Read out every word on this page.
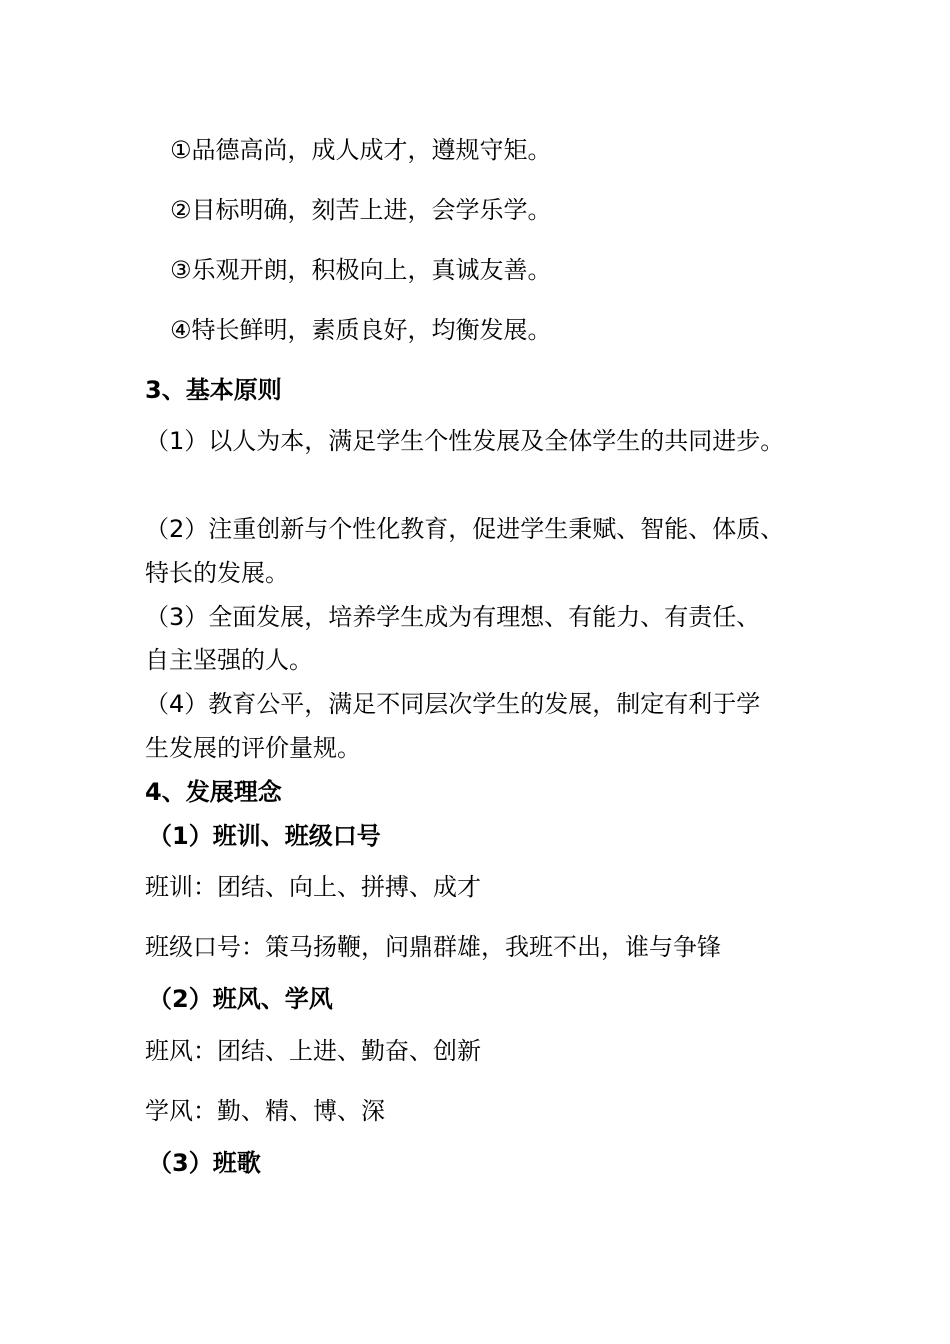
①品德高尚，成人成才，遵规守矩。

②目标明确，刻苦上进，会学乐学。

③乐观开朗，积极向上，真诚友善。

④特长鲜明，素质良好，均衡发展。

3、基本原则

（1）以人为本，满足学生个性发展及全体学生的共同进步。

（2）注重创新与个性化教育，促进学生秉赋、智能、体质、

特长的发展。

（3）全面发展，培养学生成为有理想、有能力、有责任、

自主坚强的人。

（4）教育公平，满足不同层次学生的发展，制定有利于学

生发展的评价量规。

4、发展理念

（1）班训、班级口号

班训：团结、向上、拼搏、成才

班级口号：策马扬鞭，问鼎群雄，我班不出，谁与争锋

（2）班风、学风

班风：团结、上进、勤奋、创新

学风：勤、精、博、深

（3）班歌
